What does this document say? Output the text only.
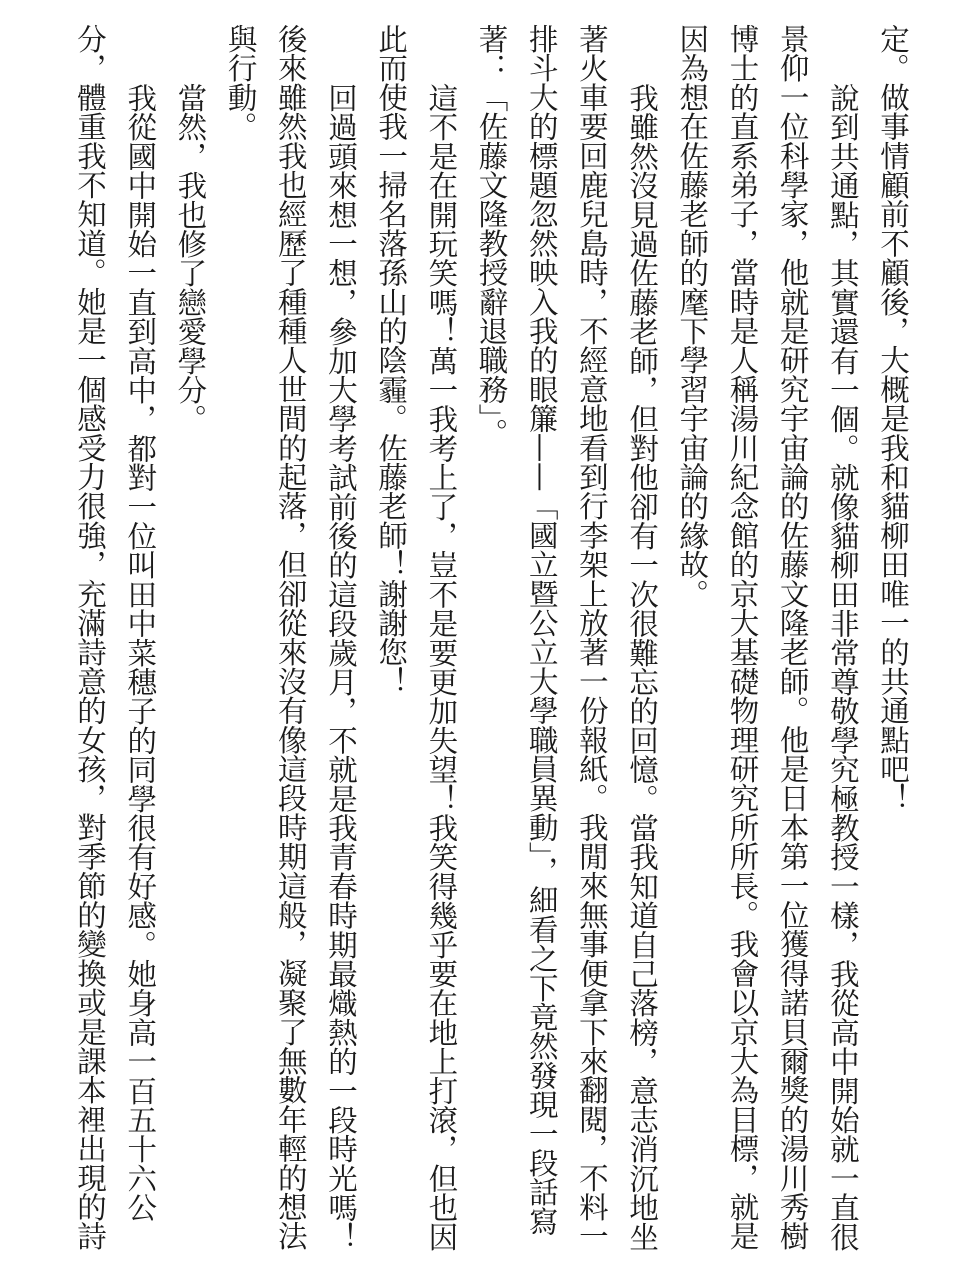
定。做事情顧前不顧後，大概是我和貓柳田唯一的共通點吧！
說到共通點，其實還有一個。就像貓柳田非常尊敬學究極教授一樣，我從高中開始就一直很
景仰一位科學家，他就是研究宇宙論的佐藤文隆老師。他是日本第一位獲得諾貝爾獎的湯川秀樹
博士的直系弟子，當時是人稱湯川紀念館的京大基礎物理研究所所長。我會以京大為目標，就是
因為想在佐藤老師的麾下學習宇宙論的緣故。
我雖然沒見過佐藤老師，但對他卻有一次很難忘的回憶。當我知道自己落榜，意志消沉地坐
著火車要回鹿兒島時，不經意地看到行李架上放著一份報紙。我閒來無事便拿下來翻閱，不料一
排斗大的標題忽然映入我的眼簾——「國立暨公立大學職員異動」，細看之下竟然發現一段話寫
著：「佐藤文隆教授辭退職務」。
這不是在開玩笑嗎！萬一我考上了，豈不是要更加失望！我笑得幾乎要在地上打滾，但也因
此而使我一掃名落孫山的陰霾。佐藤老師！謝謝您！
回過頭來想一想，參加大學考試前後的這段歲月，不就是我青春時期最熾熱的一段時光嗎！
後來雖然我也經歷了種種人世間的起落，但卻從來沒有像這段時期這般，凝聚了無數年輕的想法
與行動。
當然，我也修了戀愛學分。
我從國中開始一直到高中，都對一位叫田中菜穗子的同學很有好感。她身高一百五十六公
分，體重我不知道。她是一個感受力很強，充滿詩意的女孩，對季節的變換或是課本裡出現的詩
